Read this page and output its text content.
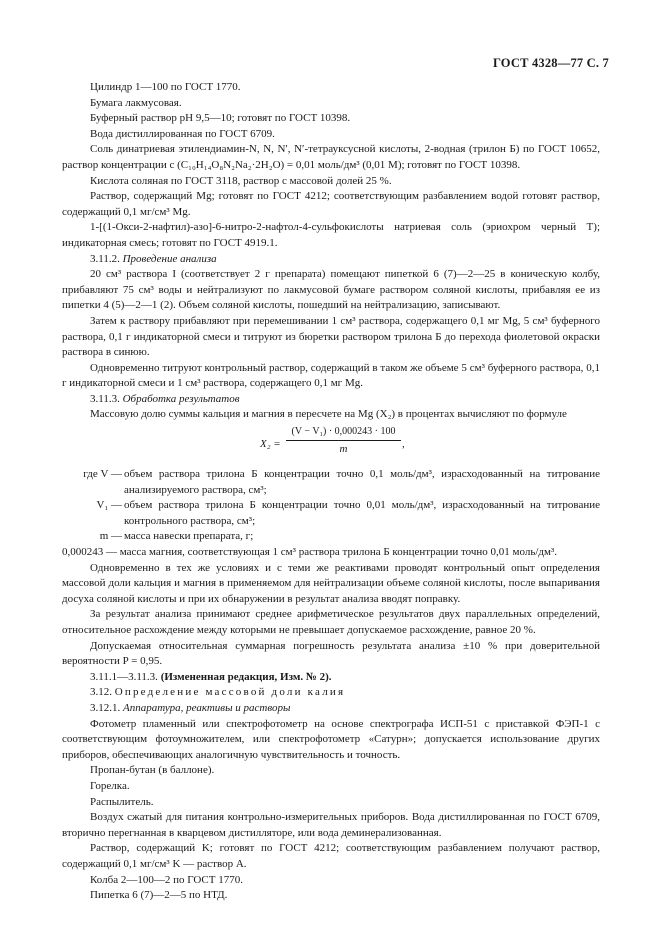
ГОСТ 4328—77 С. 7

Цилиндр 1—100 по ГОСТ 1770.

Бумага лакмусовая.

Буферный раствор pH 9,5—10; готовят по ГОСТ 10398.

Вода дистиллированная по ГОСТ 6709.

Соль динатриевая этилендиамин-N, N, N′, N′-тетрауксусной кислоты, 2-водная (трилон Б) по ГОСТ 10652, раствор концентрации c (C₁₀H₁₄O₈N₂Na₂·2H₂O) = 0,01 моль/дм³ (0,01 М); готовят по ГОСТ 10398.

Кислота соляная по ГОСТ 3118, раствор с массовой долей 25 %.

Раствор, содержащий Mg; готовят по ГОСТ 4212; соответствующим разбавлением водой готовят раствор, содержащий 0,1 мг/см³ Mg.

1-[(1-Окси-2-нафтил)-азо]-6-нитро-2-нафтол-4-сульфокислоты натриевая соль (эриохром черный Т); индикаторная смесь; готовят по ГОСТ 4919.1.

3.11.2. Проведение анализа

20 см³ раствора I (соответствует 2 г препарата) помещают пипеткой 6 (7)—2—25 в коническую колбу, прибавляют 75 см³ воды и нейтрализуют по лакмусовой бумаге раствором соляной кислоты, прибавляя ее из пипетки 4 (5)—2—1 (2). Объем соляной кислоты, пошедший на нейтрализацию, записывают.

Затем к раствору прибавляют при перемешивании 1 см³ раствора, содержащего 0,1 мг Mg, 5 см³ буферного раствора, 0,1 г индикаторной смеси и титруют из бюретки раствором трилона Б до перехода фиолетовой окраски раствора в синюю.

Одновременно титруют контрольный раствор, содержащий в таком же объеме 5 см³ буферного раствора, 0,1 г индикаторной смеси и 1 см³ раствора, содержащего 0,1 мг Mg.

3.11.3. Обработка результатов

Массовую долю суммы кальция и магния в пересчете на Mg (X₂) в процентах вычисляют по формуле

X₂ =
(V − V₁) · 0,000243 · 100
m	,
где V — объем раствора трилона Б концентрации точно 0,1 моль/дм³, израсходованный на титрование анализируемого раствора, см³;
V₁ — объем раствора трилона Б концентрации точно 0,01 моль/дм³, израсходованный на титрование контрольного раствора, см³;
m — масса навески препарата, г;

0,000243 — масса магния, соответствующая 1 см³ раствора трилона Б концентрации точно 0,01 моль/дм³.

Одновременно в тех же условиях и с теми же реактивами проводят контрольный опыт определения массовой доли кальция и магния в применяемом для нейтрализации объеме соляной кислоты, после выпаривания досуха соляной кислоты и при их обнаружении в результат анализа вводят поправку.

За результат анализа принимают среднее арифметическое результатов двух параллельных определений, относительное расхождение между которыми не превышает допускаемое расхождение, равное 20 %.

Допускаемая относительная суммарная погрешность результата анализа ±10 % при доверительной вероятности P = 0,95.

3.11.1—3.11.3. (Измененная редакция, Изм. № 2).

3.12. Определение массовой доли калия

3.12.1. Аппаратура, реактивы и растворы

Фотометр пламенный или спектрофотометр на основе спектрографа ИСП-51 с приставкой ФЭП-1 с соответствующим фотоумножителем, или спектрофотометр «Сатурн»; допускается использование других приборов, обеспечивающих аналогичную чувствительность и точность.

Пропан-бутан (в баллоне).

Горелка.

Распылитель.

Воздух сжатый для питания контрольно-измерительных приборов. Вода дистиллированная по ГОСТ 6709, вторично перегнанная в кварцевом дистилляторе, или вода деминерализованная.

Раствор, содержащий K; готовят по ГОСТ 4212; соответствующим разбавлением получают раствор, содержащий 0,1 мг/см³ K — раствор А.

Колба 2—100—2 по ГОСТ 1770.

Пипетка 6 (7)—2—5 по НТД.
